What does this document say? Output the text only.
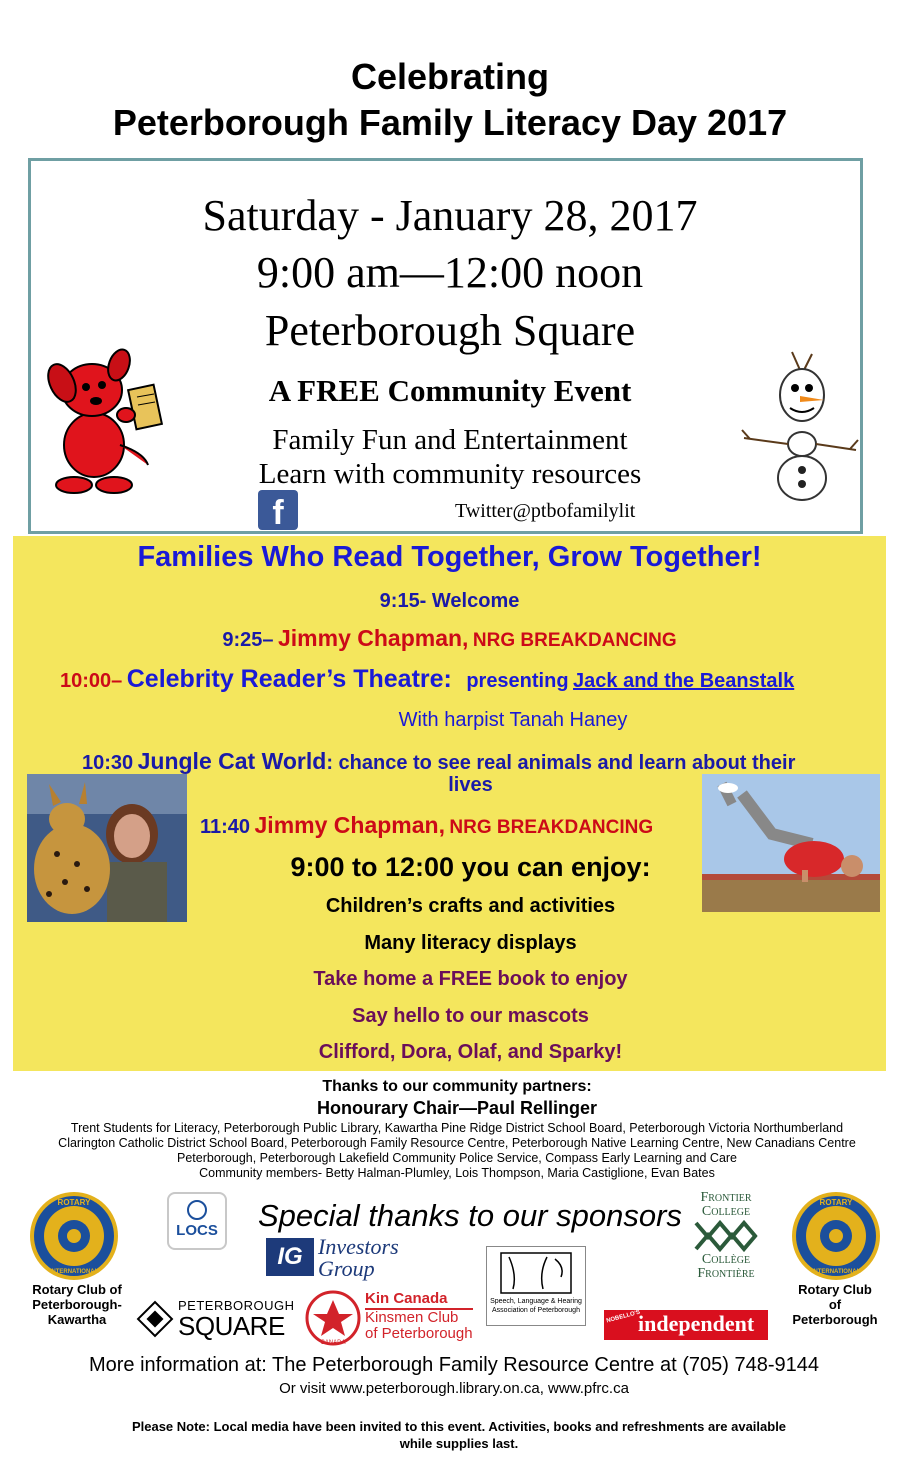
Celebrating
Peterborough Family Literacy Day 2017
Saturday - January 28, 2017
9:00 am—12:00 noon
Peterborough Square
A FREE Community Event
Family Fun and Entertainment
Learn with community resources
f	Twitter@ptbofamilylit
Families Who Read Together, Grow Together!
9:15- Welcome
9:25– Jimmy Chapman, NRG BREAKDANCING
10:00– Celebrity Reader’s Theatre: presenting Jack and the Beanstalk
With harpist Tanah Haney
10:30 Jungle Cat World: chance to see real animals and learn about their
lives
11:40 Jimmy Chapman, NRG BREAKDANCING
9:00 to 12:00 you can enjoy:
Children’s crafts and activities
Many literacy displays
Take home a FREE book to enjoy
Say hello to our mascots
Clifford, Dora, Olaf, and Sparky!
Thanks to our community partners:
Honourary Chair—Paul Rellinger
Trent Students for Literacy, Peterborough Public Library, Kawartha Pine Ridge District School Board, Peterborough Victoria Northumberland
Clarington Catholic District School Board, Peterborough Family Resource Centre, Peterborough Native Learning Centre, New Canadians Centre
Peterborough, Peterborough Lakefield Community Police Service, Compass Early Learning and Care
Community members- Betty Halman-Plumley, Lois Thompson, Maria Castiglione, Evan Bates
Special thanks to our sponsors
ROTARY
INTERNATIONAL
Rotary Club of
Peterborough-
Kawartha
LOCS
IG Investors
Group
Speech, Language & Hearing
Association of Peterborough
Frontier
College
Collège
Frontière
ROTARY
INTERNATIONAL
Rotary Club
of
Peterborough
PETERBOROUGH
SQUARE
CANADA
Kin Canada
Kinsmen Club
of Peterborough
NOBELLO'S
independent
More information at: The Peterborough Family Resource Centre at (705) 748-9144
Or visit www.peterborough.library.on.ca, www.pfrc.ca
Please Note: Local media have been invited to this event. Activities, books and refreshments are available
while supplies last.
